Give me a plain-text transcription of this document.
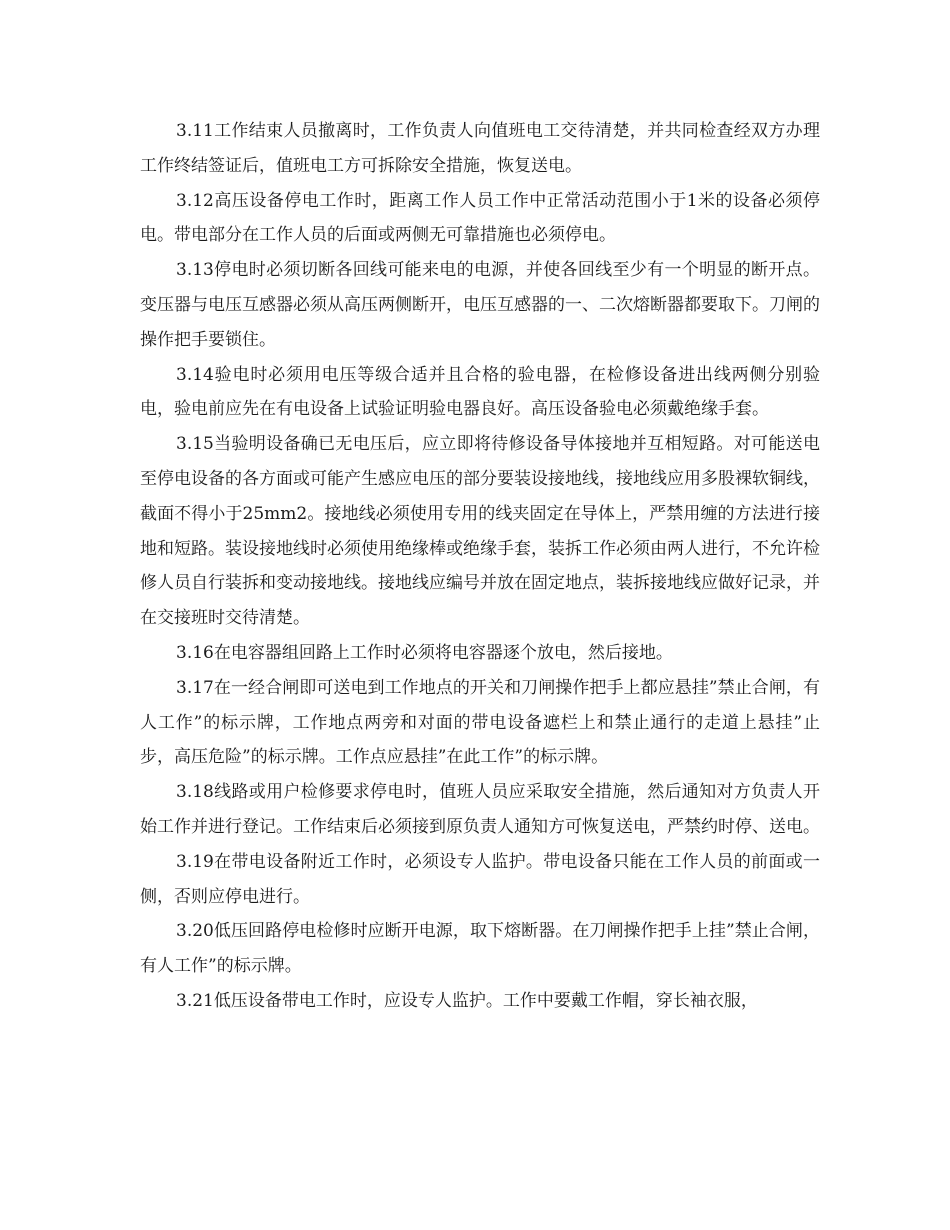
3.11工作结束人员撤离时，工作负责人向值班电工交待清楚，并共同检查经双方办理工作终结签证后，值班电工方可拆除安全措施，恢复送电。

3.12高压设备停电工作时，距离工作人员工作中正常活动范围小于1米的设备必须停电。带电部分在工作人员的后面或两侧无可靠措施也必须停电。

3.13停电时必须切断各回线可能来电的电源，并使各回线至少有一个明显的断开点。变压器与电压互感器必须从高压两侧断开，电压互感器的一、二次熔断器都要取下。刀闸的操作把手要锁住。

3.14验电时必须用电压等级合适并且合格的验电器，在检修设备进出线两侧分别验电，验电前应先在有电设备上试验证明验电器良好。高压设备验电必须戴绝缘手套。

3.15当验明设备确已无电压后，应立即将待修设备导体接地并互相短路。对可能送电至停电设备的各方面或可能产生感应电压的部分要装设接地线，接地线应用多股裸软铜线，截面不得小于25mm2。接地线必须使用专用的线夹固定在导体上，严禁用缠的方法进行接地和短路。装设接地线时必须使用绝缘棒或绝缘手套，装拆工作必须由两人进行，不允许检修人员自行装拆和变动接地线。接地线应编号并放在固定地点，装拆接地线应做好记录，并在交接班时交待清楚。

3.16在电容器组回路上工作时必须将电容器逐个放电，然后接地。

3.17在一经合闸即可送电到工作地点的开关和刀闸操作把手上都应悬挂”禁止合闸，有人工作”的标示牌，工作地点两旁和对面的带电设备遮栏上和禁止通行的走道上悬挂”止步，高压危险”的标示牌。工作点应悬挂”在此工作”的标示牌。

3.18线路或用户检修要求停电时，值班人员应采取安全措施，然后通知对方负责人开始工作并进行登记。工作结束后必须接到原负责人通知方可恢复送电，严禁约时停、送电。

3.19在带电设备附近工作时，必须设专人监护。带电设备只能在工作人员的前面或一侧，否则应停电进行。

3.20低压回路停电检修时应断开电源，取下熔断器。在刀闸操作把手上挂”禁止合闸，有人工作”的标示牌。

3.21低压设备带电工作时，应设专人监护。工作中要戴工作帽，穿长袖衣服，
